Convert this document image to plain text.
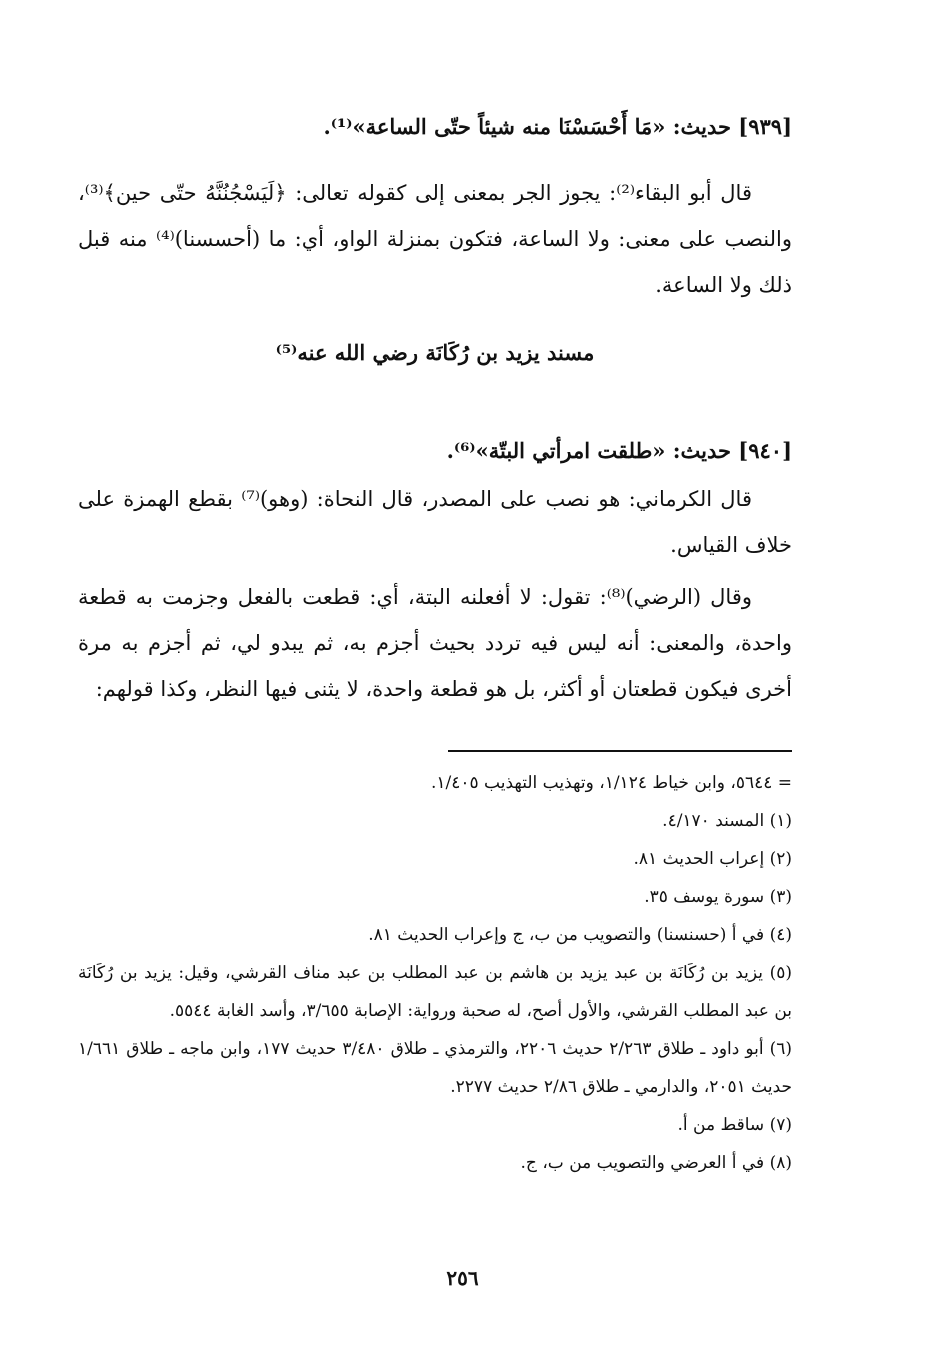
[٩٣٩] حديث: «مَا أَحْسَسْنَا منه شيئاً حتّى الساعة»⁽¹⁾.
قال أبو البقاء⁽²⁾: يجوز الجر بمعنى إلى كقوله تعالى: ﴿لَيَسْجُنُنَّهُ حتّى حين﴾⁽³⁾، والنصب على معنى: ولا الساعة، فتكون بمنزلة الواو، أي: ما (أحسسنا)⁽⁴⁾ منه قبل ذلك ولا الساعة.
مسند يزيد بن رُكَانَة رضي الله عنه⁽⁵⁾
[٩٤٠] حديث: «طلقت امرأتي البتّة»⁽⁶⁾.
قال الكرماني: هو نصب على المصدر، قال النحاة: (وهو)⁽⁷⁾ بقطع الهمزة على خلاف القياس.
وقال (الرضي)⁽⁸⁾: تقول: لا أفعلنه البتة، أي: قطعت بالفعل وجزمت به قطعة واحدة، والمعنى: أنه ليس فيه تردد بحيث أجزم به، ثم يبدو لي، ثم أجزم به مرة أخرى فيكون قطعتان أو أكثر، بل هو قطعة واحدة، لا يثنى فيها النظر، وكذا قولهم:
= ٥٦٤٤، وابن خياط ١/١٢٤، وتهذيب التهذيب ١/٤٠٥.
(١) المسند ٤/١٧٠.
(٢) إعراب الحديث ٨١.
(٣) سورة يوسف ٣٥.
(٤) في أ (حسنسنا) والتصويب من ب، ج وإعراب الحديث ٨١.
(٥) يزيد بن رُكَانَة بن عبد يزيد بن هاشم بن عبد المطلب بن عبد مناف القرشي، وقيل: يزيد بن رُكَانَة بن عبد المطلب القرشي، والأول أصح، له صحبة ورواية: الإصابة ٣/٦٥٥، وأسد الغابة ٥٥٤٤.
(٦) أبو داود ـ طلاق ٢/٢٦٣ حديث ٢٢٠٦، والترمذي ـ طلاق ٣/٤٨٠ حديث ١٧٧، وابن ماجه ـ طلاق ١/٦٦١ حديث ٢٠٥١، والدارمي ـ طلاق ٢/٨٦ حديث ٢٢٧٧.
(٧) ساقط من أ.
(٨) في أ العرضي والتصويب من ب، ج.
٢٥٦
